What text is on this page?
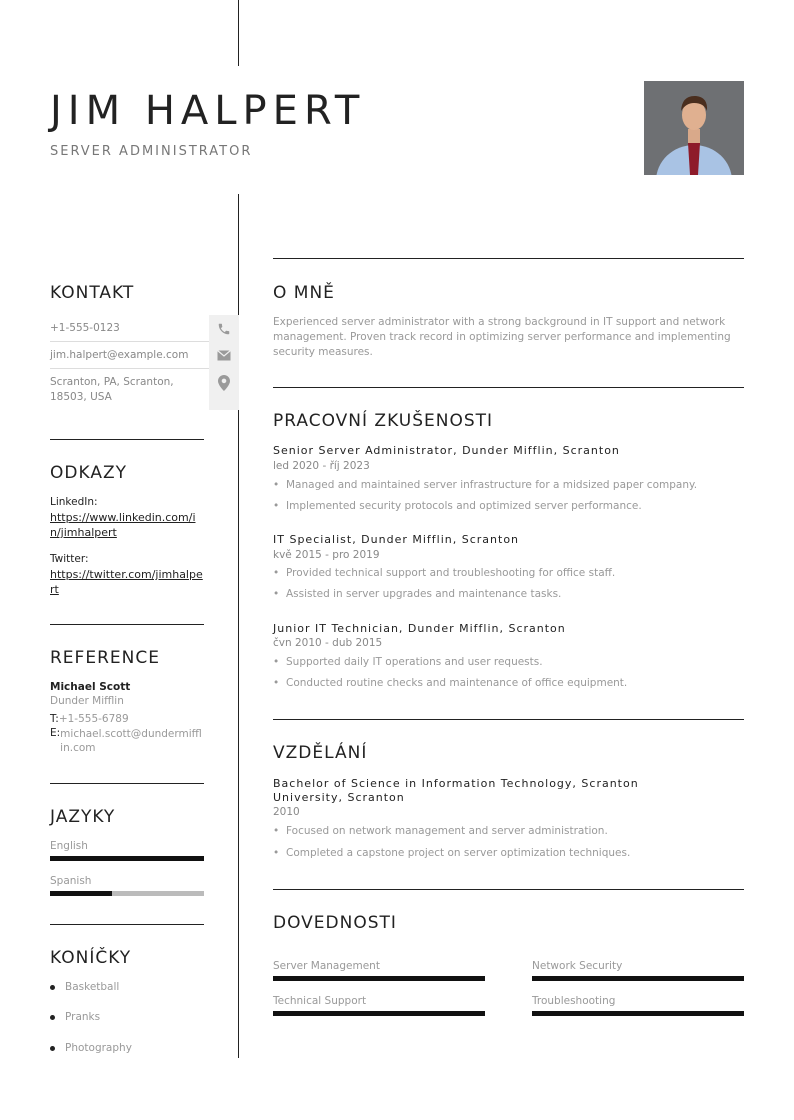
JIM HALPERT
SERVER ADMINISTRATOR
KONTAKT
+1-555-0123
jim.halpert@example.com
Scranton, PA, Scranton, 18503, USA
ODKAZY
LinkedIn:
https://www.linkedin.com/in/jimhalpert
Twitter:
https://twitter.com/jimhalpert
REFERENCE
Michael Scott
Dunder Mifflin
T:+1-555-6789
E: michael.scott@dundermifflin.com
JAZYKY
English
Spanish
KONÍČKY
Basketball
Pranks
Photography
O MNĚ
Experienced server administrator with a strong background in IT support and network management. Proven track record in optimizing server performance and implementing security measures.
PRACOVNÍ ZKUŠENOSTI
Senior Server Administrator, Dunder Mifflin, Scranton
led 2020 - říj 2023
• Managed and maintained server infrastructure for a midsized paper company.
• Implemented security protocols and optimized server performance.
IT Specialist, Dunder Mifflin, Scranton
kvě 2015 - pro 2019
• Provided technical support and troubleshooting for office staff.
• Assisted in server upgrades and maintenance tasks.
Junior IT Technician, Dunder Mifflin, Scranton
čvn 2010 - dub 2015
• Supported daily IT operations and user requests.
• Conducted routine checks and maintenance of office equipment.
VZDĚLÁNÍ
Bachelor of Science in Information Technology, Scranton University, Scranton
2010
• Focused on network management and server administration.
• Completed a capstone project on server optimization techniques.
DOVEDNOSTI
Server Management	Network Security
Technical Support	Troubleshooting
